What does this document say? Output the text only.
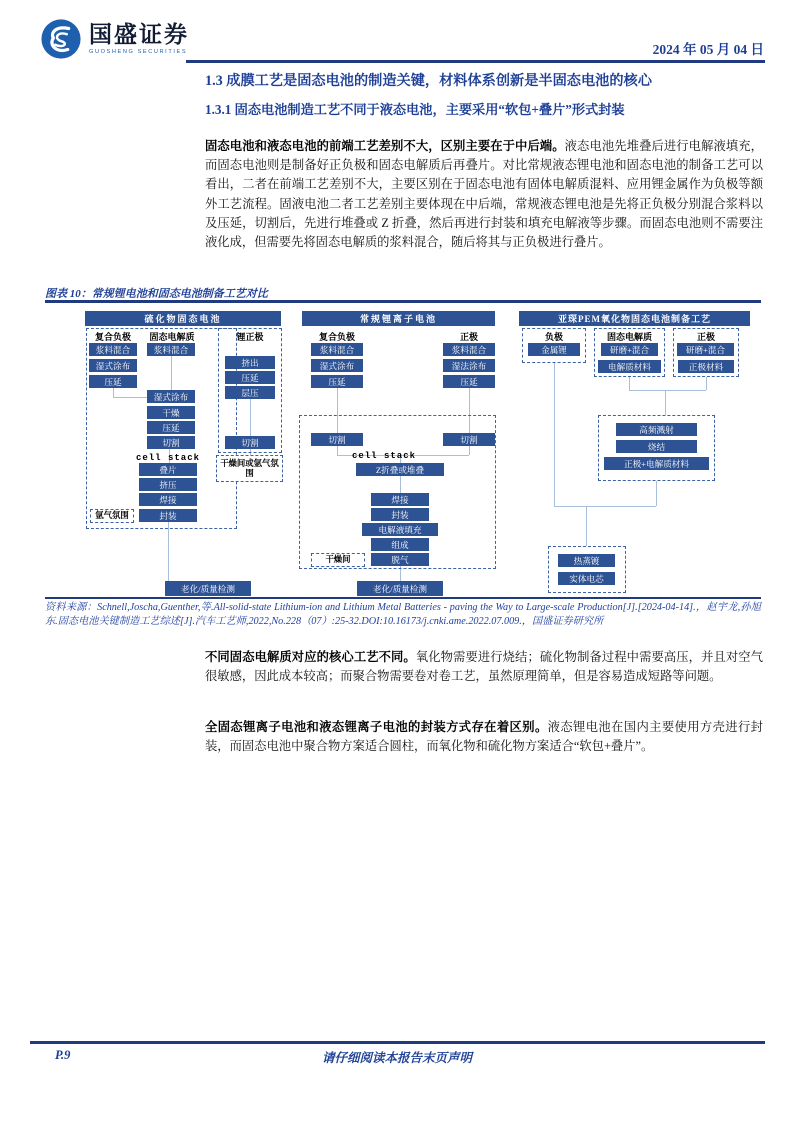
国盛证券
GUOSHENG SECURITIES	2024 年 05 月 04 日
1.3 成膜工艺是固态电池的制造关键，材料体系创新是半固态电池的核心
1.3.1 固态电池制造工艺不同于液态电池，主要采用“软包+叠片”形式封装

固态电池和液态电池的前端工艺差别不大，区别主要在于中后端。液态电池先堆叠后进行电解液填充，而固态电池则是制备好正负极和固态电解质后再叠片。对比常规液态锂电池和固态电池的制备工艺可以看出，二者在前端工艺差别不大，主要区别在于固态电池有固体电解质混料、应用锂金属作为负极等额外工艺流程。固液电池二者工艺差别主要体现在中后端，常规液态锂电池是先将正负极分别混合浆料以及压延，切割后，先进行堆叠或 Z 折叠，然后再进行封装和填充电解液等步骤。而固态电池则不需要注液化成，但需要先将固态电解质的浆料混合，随后将其与正负极进行叠片。

图表 10：常规锂电池和固态电池制备工艺对比
硫化物固态电池
复合负极	固态电解质	锂正极
浆料混合
湿式涂布
压延
浆料混合
湿式涂布
干燥
压延
切割
挤出
压延
层压
切割
cell stack
叠片
挤压
焊接
封装
氩气氛围
干燥间或氩气氛围
老化/质量检测
常规锂离子电池
复合负极	正极
浆料混合
湿式涂布
压延
浆料混合
湿法涂布
压延
切割	切割
cell stack
Z折叠或堆叠
焊接
封装
电解液填充
组成
脱气
干燥间
老化/质量检测
亚琛PEM氧化物固态电池制备工艺
负极
金属锂
固态电解质
研磨+混合
电解质材料
正极
研磨+混合
正极材料
高频溅射
烧结
正极+电解质材料
热蒸镀
实体电芯
资料来源：Schnell,Joscha,Guenther,等.All-solid-state Lithium-ion and Lithium Metal Batteries - paving the Way to Large-scale Production[J].[2024-04-14].，赵宇龙,孙旭东.固态电池关键制造工艺综述[J].汽车工艺师,2022,No.228（07）:25-32.DOI:10.16173/j.cnki.ame.2022.07.009.，国盛证券研究所

不同固态电解质对应的核心工艺不同。氧化物需要进行烧结；硫化物制备过程中需要高压，并且对空气很敏感，因此成本较高；而聚合物需要卷对卷工艺，虽然原理简单，但是容易造成短路等问题。

全固态锂离子电池和液态锂离子电池的封装方式存在着区别。液态锂电池在国内主要使用方壳进行封装，而固态电池中聚合物方案适合圆柱，而氧化物和硫化物方案适合“软包+叠片”。

P.9	请仔细阅读本报告末页声明
